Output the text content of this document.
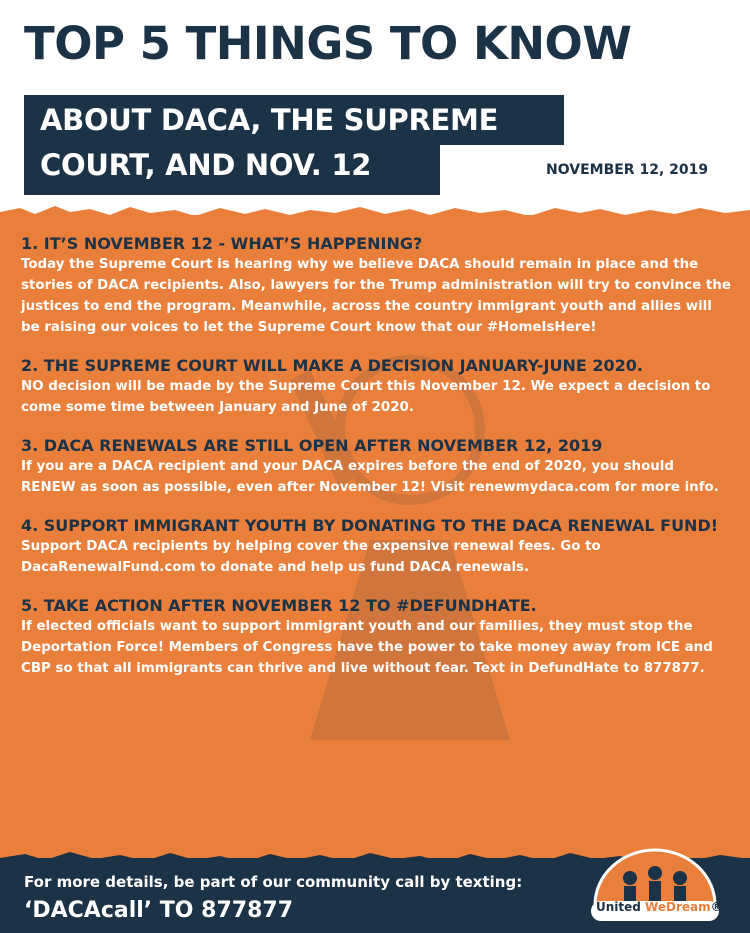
TOP 5 THINGS TO KNOW
ABOUT DACA, THE SUPREME
COURT, AND NOV. 12	NOVEMBER 12, 2019
1. IT’S NOVEMBER 12 - WHAT’S HAPPENING?
Today the Supreme Court is hearing why we believe DACA should remain in place and the stories of DACA recipients. Also, lawyers for the Trump administration will try to convince the justices to end the program. Meanwhile, across the country immigrant youth and allies will be raising our voices to let the Supreme Court know that our #HomeIsHere!
2. THE SUPREME COURT WILL MAKE A DECISION JANUARY-JUNE 2020.
NO decision will be made by the Supreme Court this November 12. We expect a decision to come some time between January and June of 2020.
3. DACA RENEWALS ARE STILL OPEN AFTER NOVEMBER 12, 2019
If you are a DACA recipient and your DACA expires before the end of 2020, you should RENEW as soon as possible, even after November 12! Visit renewmydaca.com for more info.
4. SUPPORT IMMIGRANT YOUTH BY DONATING TO THE DACA RENEWAL FUND!
Support DACA recipients by helping cover the expensive renewal fees. Go to DacaRenewalFund.com to donate and help us fund DACA renewals.
5. TAKE ACTION AFTER NOVEMBER 12 TO #DEFUNDHATE.
If elected officials want to support immigrant youth and our families, they must stop the Deportation Force! Members of Congress have the power to take money away from ICE and CBP so that all immigrants can thrive and live without fear. Text in DefundHate to 877877.
For more details, be part of our community call by texting:
‘DACAcall’ TO 877877	United WeDream®
